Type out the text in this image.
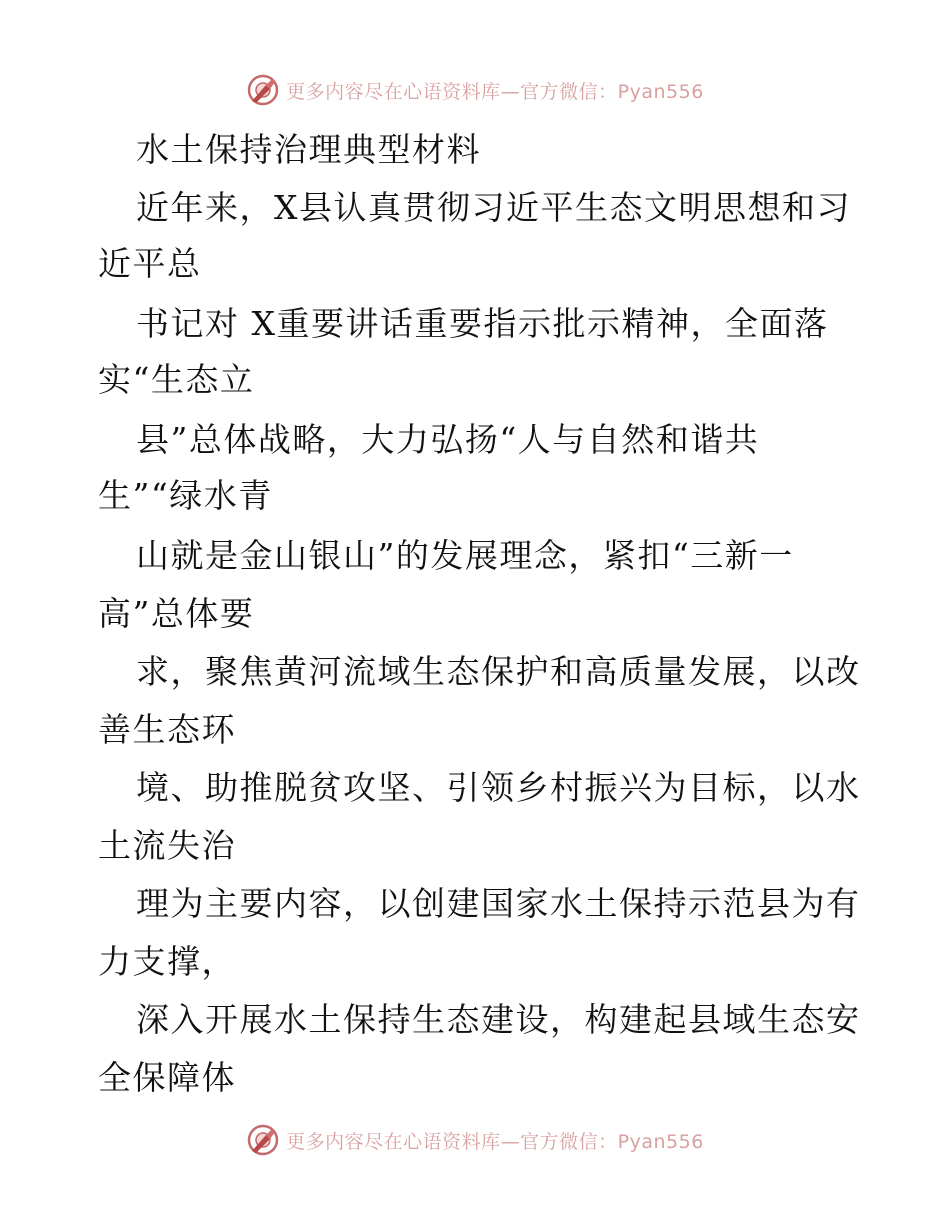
更多内容尽在心语资料库—官方微信：Pyan556
水土保持治理典型材料
近年来，X县认真贯彻习近平生态文明思想和习
近平总
书记对 X重要讲话重要指示批示精神，全面落
实“生态立
县”总体战略，大力弘扬“人与自然和谐共
生”“绿水青
山就是金山银山”的发展理念，紧扣“三新一
高”总体要
求，聚焦黄河流域生态保护和高质量发展，以改
善生态环
境、助推脱贫攻坚、引领乡村振兴为目标，以水
土流失治
理为主要内容，以创建国家水土保持示范县为有
力支撑，
深入开展水土保持生态建设，构建起县域生态安
全保障体
更多内容尽在心语资料库—官方微信：Pyan556
